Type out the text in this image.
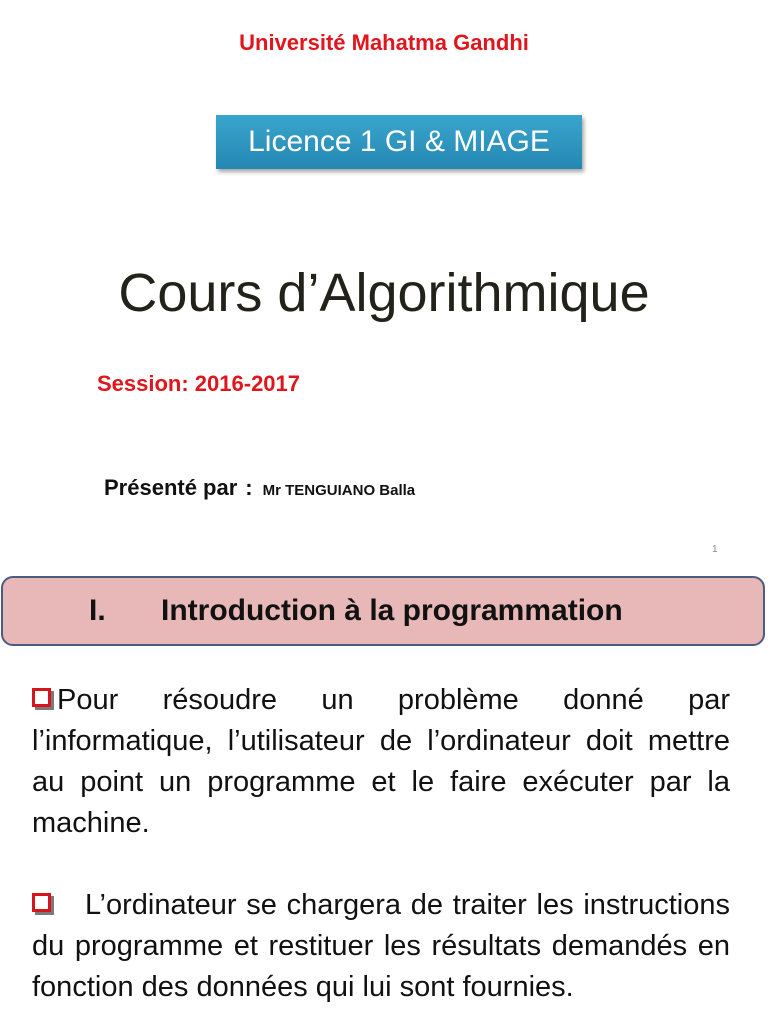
Université Mahatma Gandhi
Licence 1 GI & MIAGE
Cours d’Algorithmique
Session: 2016-2017
Présenté par : Mr TENGUIANO Balla
1
I. Introduction à la programmation
Pour résoudre un problème donné par l’informatique, l’utilisateur de l’ordinateur doit mettre au point un programme et le faire exécuter par la machine.
L’ordinateur se chargera de traiter les instructions du programme et restituer les résultats demandés en fonction des données qui lui sont fournies.
